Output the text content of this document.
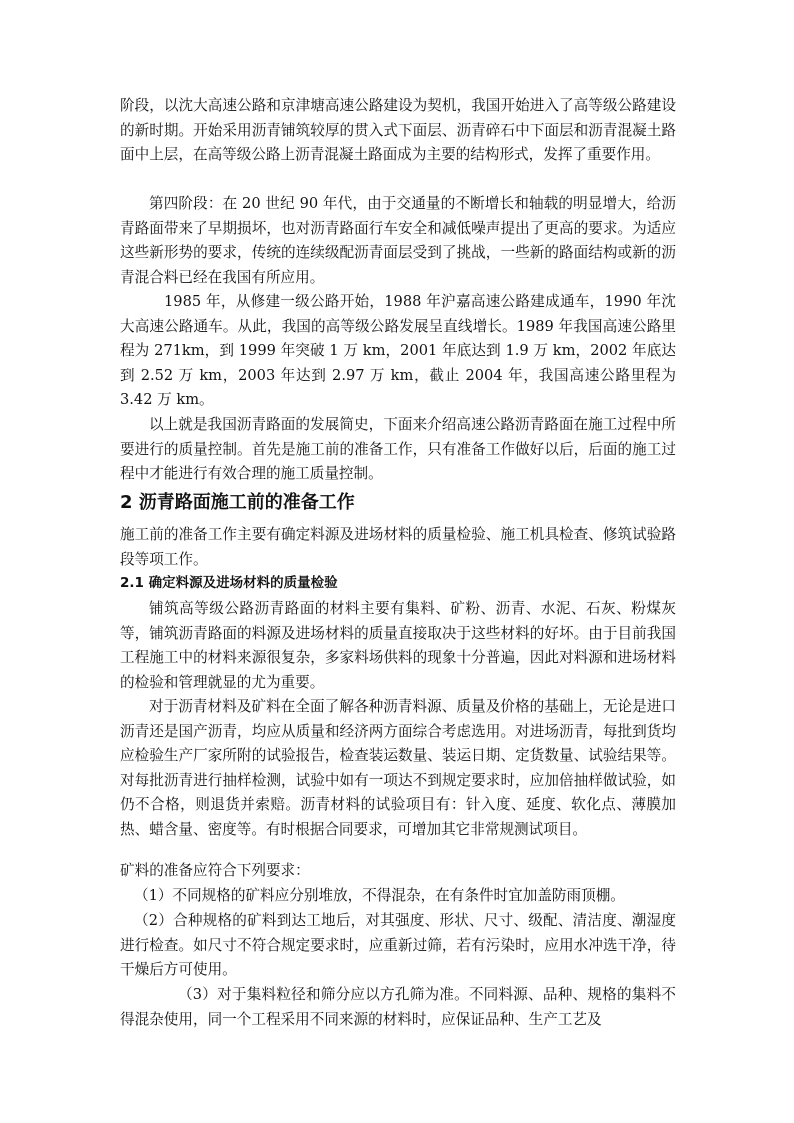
阶段，以沈大高速公路和京津塘高速公路建设为契机，我国开始进入了高等级公路建设的新时期。开始采用沥青铺筑较厚的贯入式下面层、沥青碎石中下面层和沥青混凝土路面中上层，在高等级公路上沥青混凝土路面成为主要的结构形式，发挥了重要作用。

第四阶段：在 20 世纪 90 年代，由于交通量的不断增长和轴载的明显增大，给沥青路面带来了早期损坏，也对沥青路面行车安全和减低噪声提出了更高的要求。为适应这些新形势的要求，传统的连续级配沥青面层受到了挑战，一些新的路面结构或新的沥青混合料已经在我国有所应用。

1985 年，从修建一级公路开始，1988 年沪嘉高速公路建成通车，1990 年沈大高速公路通车。从此，我国的高等级公路发展呈直线增长。1989 年我国高速公路里程为 271km，到 1999 年突破 1 万 km，2001 年底达到 1.9 万 km，2002 年底达到 2.52 万 km，2003 年达到 2.97 万 km，截止 2004 年，我国高速公路里程为 3.42 万 km。

以上就是我国沥青路面的发展简史，下面来介绍高速公路沥青路面在施工过程中所要进行的质量控制。首先是施工前的准备工作，只有准备工作做好以后，后面的施工过程中才能进行有效合理的施工质量控制。

2 沥青路面施工前的准备工作

施工前的准备工作主要有确定料源及进场材料的质量检验、施工机具检查、修筑试验路段等项工作。

2.1 确定料源及进场材料的质量检验

铺筑高等级公路沥青路面的材料主要有集料、矿粉、沥青、水泥、石灰、粉煤灰等，铺筑沥青路面的料源及进场材料的质量直接取决于这些材料的好坏。由于目前我国工程施工中的材料来源很复杂，多家料场供料的现象十分普遍，因此对料源和进场材料的检验和管理就显的尤为重要。

对于沥青材料及矿料在全面了解各种沥青料源、质量及价格的基础上，无论是进口沥青还是国产沥青，均应从质量和经济两方面综合考虑选用。对进场沥青，每批到货均应检验生产厂家所附的试验报告，检查装运数量、装运日期、定货数量、试验结果等。对每批沥青进行抽样检测，试验中如有一项达不到规定要求时，应加倍抽样做试验，如仍不合格，则退货并索赔。沥青材料的试验项目有：针入度、延度、软化点、薄膜加热、蜡含量、密度等。有时根据合同要求，可增加其它非常规测试项目。

矿料的准备应符合下列要求：

（1）不同规格的矿料应分别堆放，不得混杂，在有条件时宜加盖防雨顶棚。

（2）合种规格的矿料到达工地后，对其强度、形状、尺寸、级配、清洁度、潮湿度进行检查。如尺寸不符合规定要求时，应重新过筛，若有污染时，应用水冲选干净，待干燥后方可使用。

（3）对于集料粒径和筛分应以方孔筛为准。不同料源、品种、规格的集料不得混杂使用，同一个工程采用不同来源的材料时，应保证品种、生产工艺及
